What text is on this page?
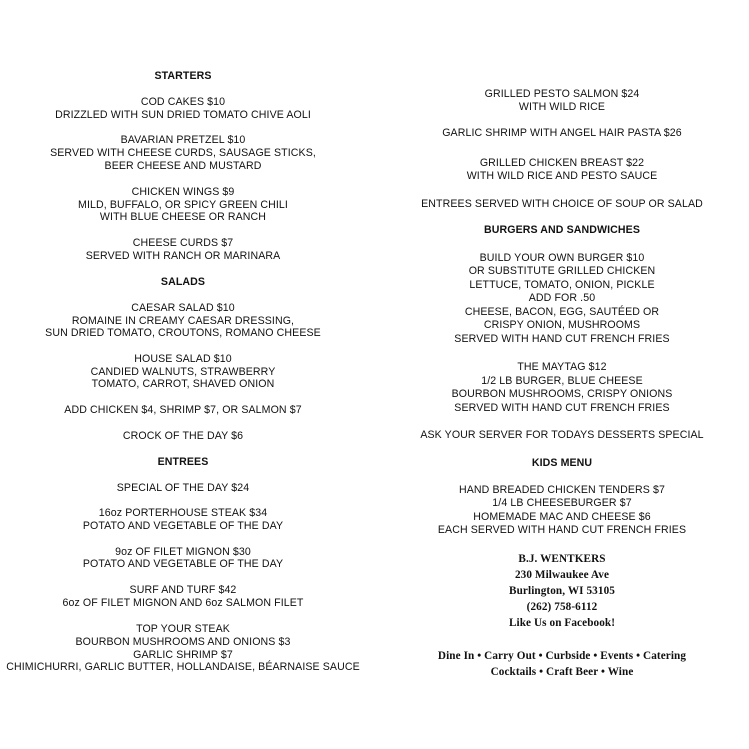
STARTERS
COD CAKES $10
DRIZZLED WITH SUN DRIED TOMATO CHIVE AOLI
BAVARIAN PRETZEL $10
SERVED WITH CHEESE CURDS, SAUSAGE STICKS,
BEER CHEESE AND MUSTARD
CHICKEN WINGS $9
MILD, BUFFALO, OR SPICY GREEN CHILI
WITH BLUE CHEESE OR RANCH
CHEESE CURDS $7
SERVED WITH RANCH OR MARINARA
SALADS
CAESAR SALAD $10
ROMAINE IN CREAMY CAESAR DRESSING,
SUN DRIED TOMATO, CROUTONS, ROMANO CHEESE
HOUSE SALAD $10
CANDIED WALNUTS, STRAWBERRY
TOMATO, CARROT, SHAVED ONION
ADD CHICKEN $4, SHRIMP $7, OR SALMON $7
CROCK OF THE DAY $6
ENTREES
SPECIAL OF THE DAY $24
16oz PORTERHOUSE STEAK $34
POTATO AND VEGETABLE OF THE DAY
9oz OF FILET MIGNON $30
POTATO AND VEGETABLE OF THE DAY
SURF AND TURF $42
6oz OF FILET MIGNON AND 6oz SALMON FILET
TOP YOUR STEAK
BOURBON MUSHROOMS AND ONIONS $3
GARLIC SHRIMP $7
CHIMICHURRI, GARLIC BUTTER, HOLLANDAISE, BÉARNAISE SAUCE
GRILLED PESTO SALMON $24
WITH WILD RICE
GARLIC SHRIMP WITH ANGEL HAIR PASTA $26
GRILLED CHICKEN BREAST $22
WITH WILD RICE AND PESTO SAUCE
ENTREES SERVED WITH CHOICE OF SOUP OR SALAD
BURGERS AND SANDWICHES
BUILD YOUR OWN BURGER $10
OR SUBSTITUTE GRILLED CHICKEN
LETTUCE, TOMATO, ONION, PICKLE
ADD FOR .50
CHEESE, BACON, EGG, SAUTÉED OR
CRISPY ONION, MUSHROOMS
SERVED WITH HAND CUT FRENCH FRIES
THE MAYTAG $12
1/2 LB BURGER, BLUE CHEESE
BOURBON MUSHROOMS, CRISPY ONIONS
SERVED WITH HAND CUT FRENCH FRIES
ASK YOUR SERVER FOR TODAYS DESSERTS SPECIAL
KIDS MENU
HAND BREADED CHICKEN TENDERS $7
1/4 LB CHEESEBURGER $7
HOMEMADE MAC AND CHEESE $6
EACH SERVED WITH HAND CUT FRENCH FRIES
B.J. WENTKERS
230 Milwaukee Ave
Burlington, WI 53105
(262) 758-6112
Like Us on Facebook!
Dine In • Carry Out • Curbside • Events • Catering
Cocktails • Craft Beer • Wine
